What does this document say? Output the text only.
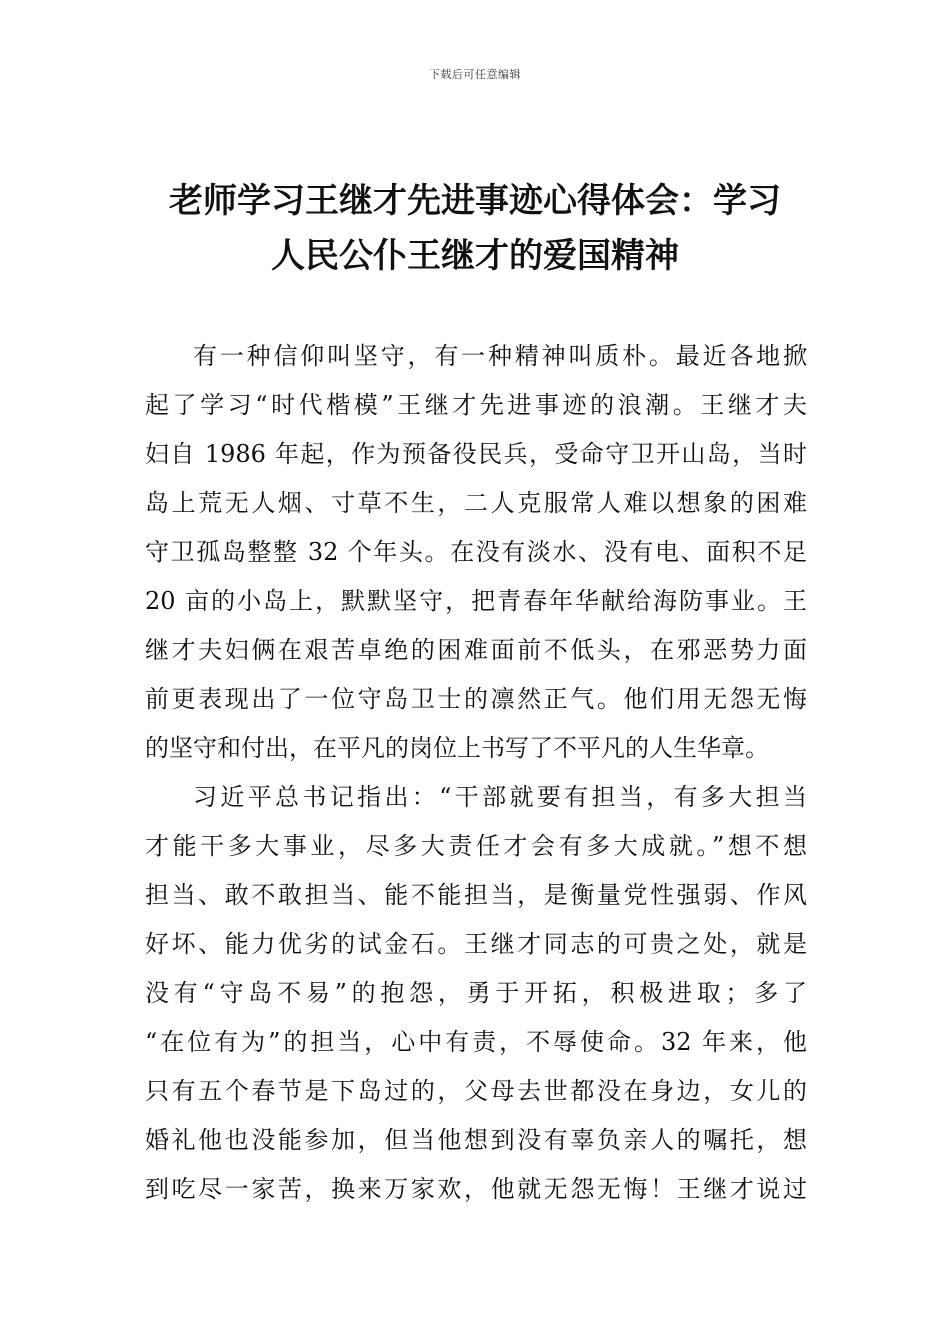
下载后可任意编辑
老师学习王继才先进事迹心得体会：学习
人民公仆王继才的爱国精神
有一种信仰叫坚守，有一种精神叫质朴。最近各地掀
起了学习“时代楷模”王继才先进事迹的浪潮。王继才夫
妇自 1986 年起，作为预备役民兵，受命守卫开山岛，当时
岛上荒无人烟、寸草不生，二人克服常人难以想象的困难
守卫孤岛整整 32 个年头。在没有淡水、没有电、面积不足
20 亩的小岛上，默默坚守，把青春年华献给海防事业。王
继才夫妇俩在艰苦卓绝的困难面前不低头，在邪恶势力面
前更表现出了一位守岛卫士的凛然正气。他们用无怨无悔
的坚守和付出，在平凡的岗位上书写了不平凡的人生华章。
习近平总书记指出：“干部就要有担当，有多大担当
才能干多大事业，尽多大责任才会有多大成就。”想不想
担当、敢不敢担当、能不能担当，是衡量党性强弱、作风
好坏、能力优劣的试金石。王继才同志的可贵之处，就是
没有“守岛不易”的抱怨，勇于开拓，积极进取；多了
“在位有为”的担当，心中有责，不辱使命。32 年来，他
只有五个春节是下岛过的，父母去世都没在身边，女儿的
婚礼他也没能参加，但当他想到没有辜负亲人的嘱托，想
到吃尽一家苦，换来万家欢，他就无怨无悔！王继才说过
